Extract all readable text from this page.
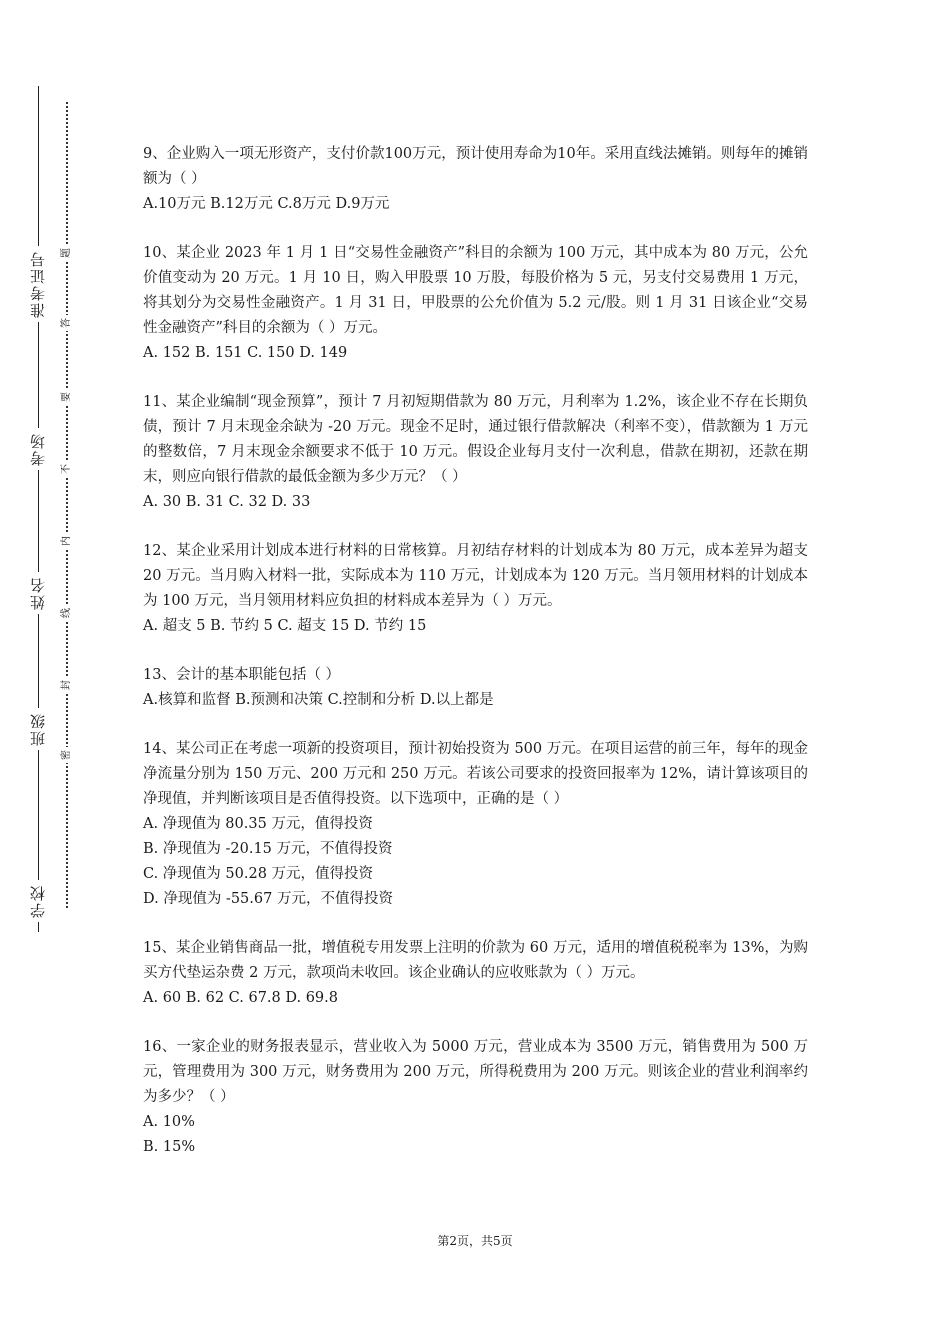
准考证号
考场
姓名
班级
学校
题
答
要
不
内
线
封
密

9、企业购入一项无形资产，支付价款100万元，预计使用寿命为10年。采用直线法摊销。则每年的摊销额为（ ）

A.10万元 B.12万元 C.8万元 D.9万元

10、某企业 2023 年 1 月 1 日“交易性金融资产”科目的余额为 100 万元，其中成本为 80 万元，公允价值变动为 20 万元。1 月 10 日，购入甲股票 10 万股，每股价格为 5 元，另支付交易费用 1 万元，将其划分为交易性金融资产。1 月 31 日，甲股票的公允价值为 5.2 元/股。则 1 月 31 日该企业“交易性金融资产”科目的余额为（ ）万元。

A. 152 B. 151 C. 150 D. 149

11、某企业编制“现金预算”，预计 7 月初短期借款为 80 万元，月利率为 1.2%，该企业不存在长期负债，预计 7 月末现金余缺为 -20 万元。现金不足时，通过银行借款解决（利率不变），借款额为 1 万元的整数倍，7 月末现金余额要求不低于 10 万元。假设企业每月支付一次利息，借款在期初，还款在期末，则应向银行借款的最低金额为多少万元？（ ）

A. 30 B. 31 C. 32 D. 33

12、某企业采用计划成本进行材料的日常核算。月初结存材料的计划成本为 80 万元，成本差异为超支 20 万元。当月购入材料一批，实际成本为 110 万元，计划成本为 120 万元。当月领用材料的计划成本为 100 万元，当月领用材料应负担的材料成本差异为（ ）万元。

A. 超支 5 B. 节约 5 C. 超支 15 D. 节约 15

13、会计的基本职能包括（ ）

A.核算和监督 B.预测和决策 C.控制和分析 D.以上都是

14、某公司正在考虑一项新的投资项目，预计初始投资为 500 万元。在项目运营的前三年，每年的现金净流量分别为 150 万元、200 万元和 250 万元。若该公司要求的投资回报率为 12%，请计算该项目的净现值，并判断该项目是否值得投资。以下选项中，正确的是（ ）

A. 净现值为 80.35 万元，值得投资

B. 净现值为 -20.15 万元，不值得投资

C. 净现值为 50.28 万元，值得投资

D. 净现值为 -55.67 万元，不值得投资

15、某企业销售商品一批，增值税专用发票上注明的价款为 60 万元，适用的增值税税率为 13%，为购买方代垫运杂费 2 万元，款项尚未收回。该企业确认的应收账款为（ ）万元。

A. 60 B. 62 C. 67.8 D. 69.8

16、一家企业的财务报表显示，营业收入为 5000 万元，营业成本为 3500 万元，销售费用为 500 万元，管理费用为 300 万元，财务费用为 200 万元，所得税费用为 200 万元。则该企业的营业利润率约为多少？（ ）

A. 10%

B. 15%

第2页，共5页
